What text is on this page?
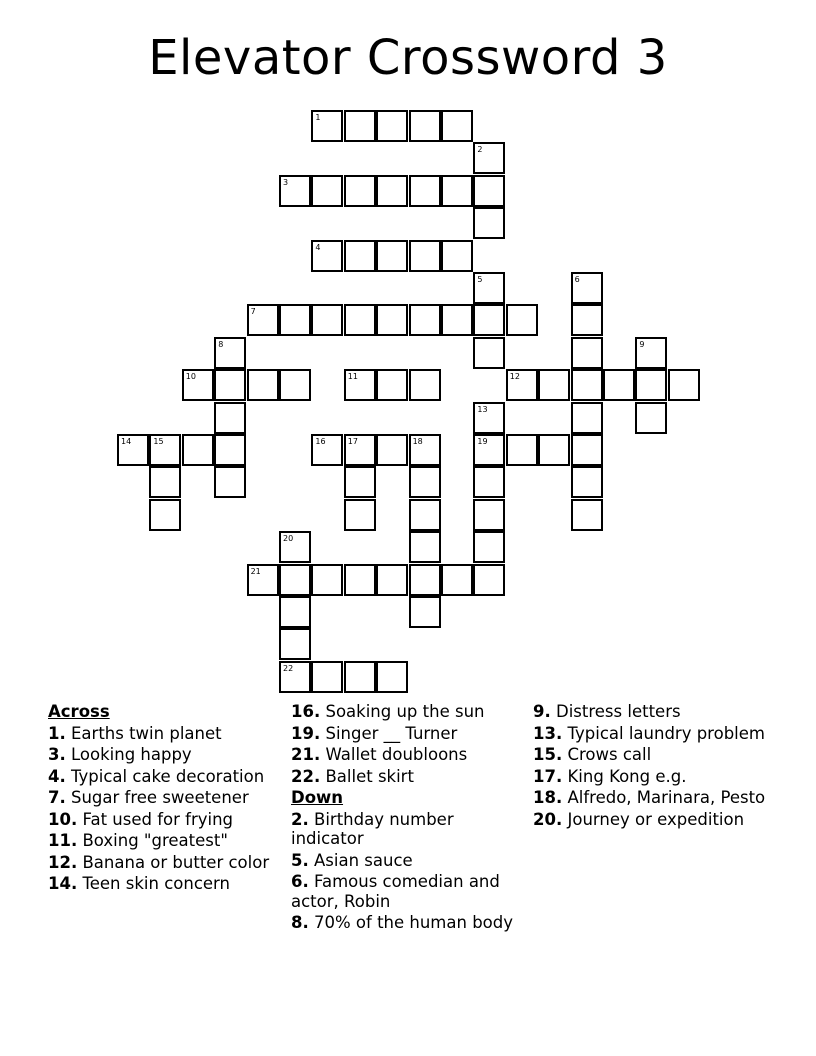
Elevator Crossword 3
1
2
3
4
5	6
7
8	9
10	11	12
13
14	15	16	17	18	19
20
22
21
Across
1. Earths twin planet
3. Looking happy
4. Typical cake decoration
7. Sugar free sweetener
10. Fat used for frying
11. Boxing "greatest"
12. Banana or butter color
14. Teen skin concern
16. Soaking up the sun
19. Singer __ Turner
21. Wallet doubloons
22. Ballet skirt
Down
2. Birthday number indicator
5. Asian sauce
6. Famous comedian and actor, Robin
8. 70% of the human body
9. Distress letters
13. Typical laundry problem
15. Crows call
17. King Kong e.g.
18. Alfredo, Marinara, Pesto
20. Journey or expedition
